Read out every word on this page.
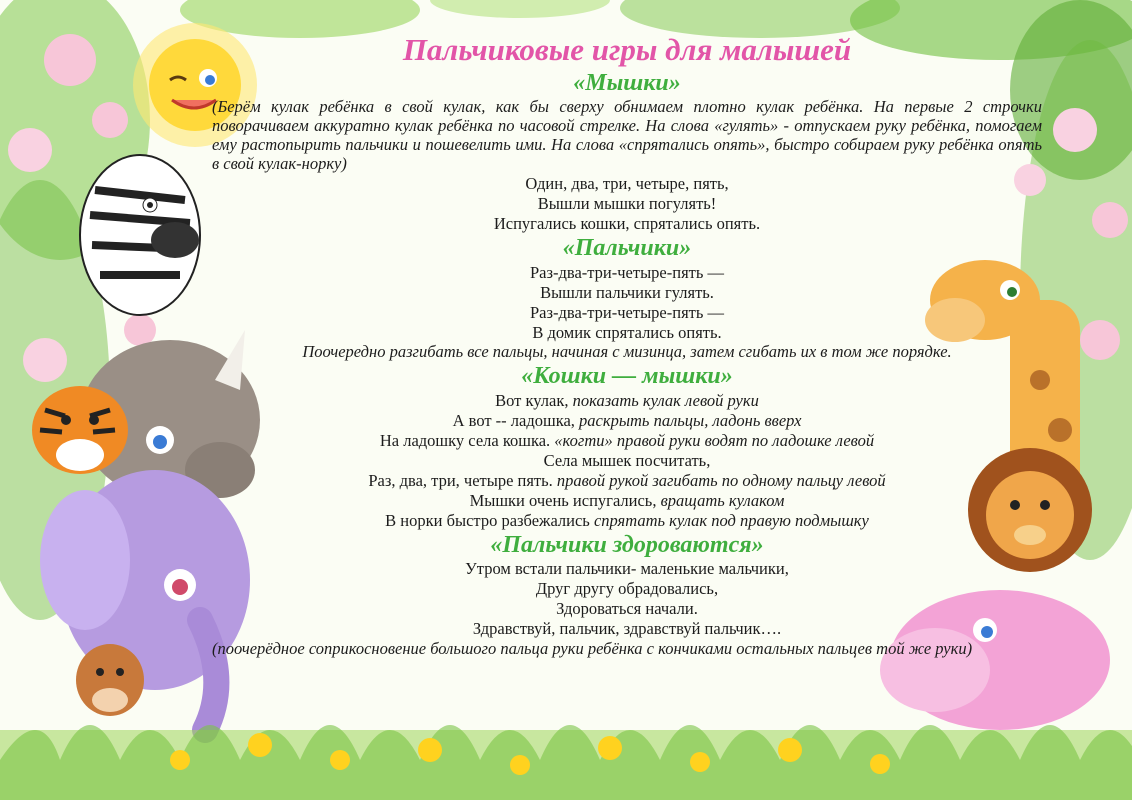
Пальчиковые игры для малышей
«Мышки»

(Берём кулак ребёнка в свой кулак, как бы сверху обнимаем плотно кулак ребёнка. На первые 2 строчки поворачиваем аккуратно кулак ребёнка по часовой стрелке. На слова «гулять» - отпускаем руку ребёнка, помогаем ему растопырить пальчики и пошевелить ими. На слова «спрятались опять», быстро собираем руку ребёнка опять в свой кулак-норку)

Один, два, три, четыре, пять,
Вышли мышки погулять!
Испугались кошки, спрятались опять.
«Пальчики»
Раз-два-три-четыре-пять —
Вышли пальчики гулять.
Раз-два-три-четыре-пять —
В домик спрятались опять.
Поочередно разгибать все пальцы, начиная с мизинца, затем сгибать их в том же порядке.
«Кошки — мышки»
Вот кулак, показать кулак левой руки
А вот -- ладошка, раскрыть пальцы, ладонь вверх
На ладошку села кошка. «когти» правой руки водят по ладошке левой
Села мышек посчитать,
Раз, два, три, четыре пять. правой рукой загибать по одному пальцу левой
Мышки очень испугались, вращать кулаком
В норки быстро разбежались спрятать кулак под правую подмышку
«Пальчики здороваются»
Утром встали пальчики- маленькие мальчики,
Друг другу обрадовались,
Здороваться начали.
Здравствуй, пальчик, здравствуй пальчик….

(поочерёдное соприкосновение большого пальца руки ребёнка с кончиками остальных пальцев той же руки)
